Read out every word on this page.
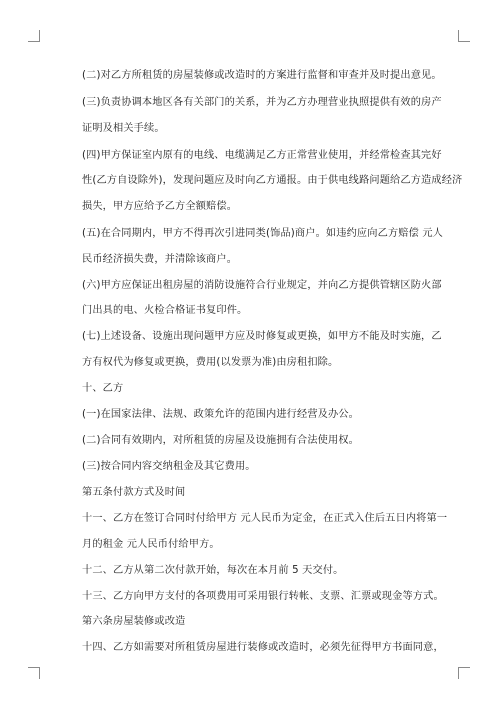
(二)对乙方所租赁的房屋装修或改造时的方案进行监督和审查并及时提出意见。
(三)负责协调本地区各有关部门的关系，并为乙方办理营业执照提供有效的房产
证明及相关手续。
(四)甲方保证室内原有的电线、电缆满足乙方正常营业使用，并经常检查其完好
性(乙方自设除外)，发现问题应及时向乙方通报。由于供电线路问题给乙方造成经济
损失，甲方应给予乙方全额赔偿。
(五)在合同期内，甲方不得再次引进同类(饰品)商户。如违约应向乙方赔偿 元人
民币经济损失费，并清除该商户。
(六)甲方应保证出租房屋的消防设施符合行业规定，并向乙方提供管辖区防火部
门出具的电、火检合格证书复印件。
(七)上述设备、设施出现问题甲方应及时修复或更换，如甲方不能及时实施，乙
方有权代为修复或更换，费用(以发票为准)由房租扣除。
十、乙方
(一)在国家法律、法规、政策允许的范围内进行经营及办公。
(二)合同有效期内，对所租赁的房屋及设施拥有合法使用权。
(三)按合同内容交纳租金及其它费用。
第五条付款方式及时间
十一、乙方在签订合同时付给甲方 元人民币为定金，在正式入住后五日内将第一
月的租金 元人民币付给甲方。
十二、乙方从第二次付款开始，每次在本月前 5 天交付。
十三、乙方向甲方支付的各项费用可采用银行转帐、支票、汇票或现金等方式。
第六条房屋装修或改造
十四、乙方如需要对所租赁房屋进行装修或改造时，必须先征得甲方书面同意，
